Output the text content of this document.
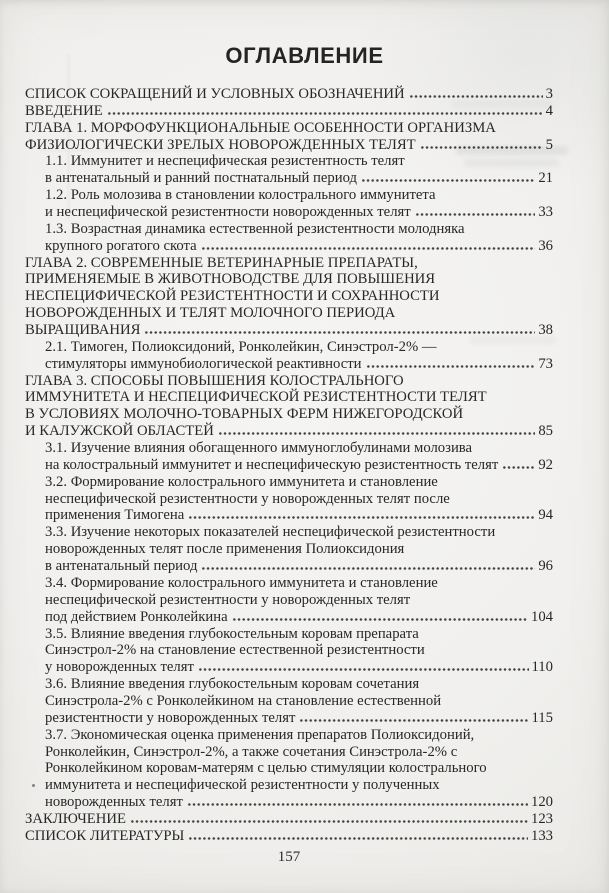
ОГЛАВЛЕНИЕ
СПИСОК СОКРАЩЕНИЙ И УСЛОВНЫХ ОБОЗНАЧЕНИЙ	3
ВВЕДЕНИЕ	4
ГЛАВА 1. МОРФОФУНКЦИОНАЛЬНЫЕ ОСОБЕННОСТИ ОРГАНИЗМА
ФИЗИОЛОГИЧЕСКИ ЗРЕЛЫХ НОВОРОЖДЕННЫХ ТЕЛЯТ	5
1.1. Иммунитет и неспецифическая резистентность телят
в антенатальный и ранний постнатальный период	21
1.2. Роль молозива в становлении колострального иммунитета
и неспецифической резистентности новорожденных телят	33
1.3. Возрастная динамика естественной резистентности молодняка
крупного рогатого скота	36
ГЛАВА 2. СОВРЕМЕННЫЕ ВЕТЕРИНАРНЫЕ ПРЕПАРАТЫ,
ПРИМЕНЯЕМЫЕ В ЖИВОТНОВОДСТВЕ ДЛЯ ПОВЫШЕНИЯ
НЕСПЕЦИФИЧЕСКОЙ РЕЗИСТЕНТНОСТИ И СОХРАННОСТИ
НОВОРОЖДЕННЫХ И ТЕЛЯТ МОЛОЧНОГО ПЕРИОДА
ВЫРАЩИВАНИЯ	38
2.1. Тимоген, Полиоксидоний, Ронколейкин, Синэстрол-2% —
стимуляторы иммунобиологической реактивности	73
ГЛАВА 3. СПОСОБЫ ПОВЫШЕНИЯ КОЛОСТРАЛЬНОГО
ИММУНИТЕТА И НЕСПЕЦИФИЧЕСКОЙ РЕЗИСТЕНТНОСТИ ТЕЛЯТ
В УСЛОВИЯХ МОЛОЧНО-ТОВАРНЫХ ФЕРМ НИЖЕГОРОДСКОЙ
И КАЛУЖСКОЙ ОБЛАСТЕЙ	85
3.1. Изучение влияния обогащенного иммуноглобулинами молозива
на колостральный иммунитет и неспецифическую резистентность телят	92
3.2. Формирование колострального иммунитета и становление
неспецифической резистентности у новорожденных телят после
применения Тимогена	94
3.3. Изучение некоторых показателей неспецифической резистентности
новорожденных телят после применения Полиоксидония
в антенатальный период	96
3.4. Формирование колострального иммунитета и становление
неспецифической резистентности у новорожденных телят
под действием Ронколейкина	104
3.5. Влияние введения глубокостельным коровам препарата
Синэстрол-2% на становление естественной резистентности
у новорожденных телят	110
3.6. Влияние введения глубокостельным коровам сочетания
Синэстрола-2% с Ронколейкином на становление естественной
резистентности у новорожденных телят	115
3.7. Экономическая оценка применения препаратов Полиоксидоний,
Ронколейкин, Синэстрол-2%, а также сочетания Синэстрола-2% с
Ронколейкином коровам-матерям с целью стимуляции колострального
иммунитета и неспецифической резистентности у полученных
новорожденных телят	120
ЗАКЛЮЧЕНИЕ	123
СПИСОК ЛИТЕРАТУРЫ	133
157
